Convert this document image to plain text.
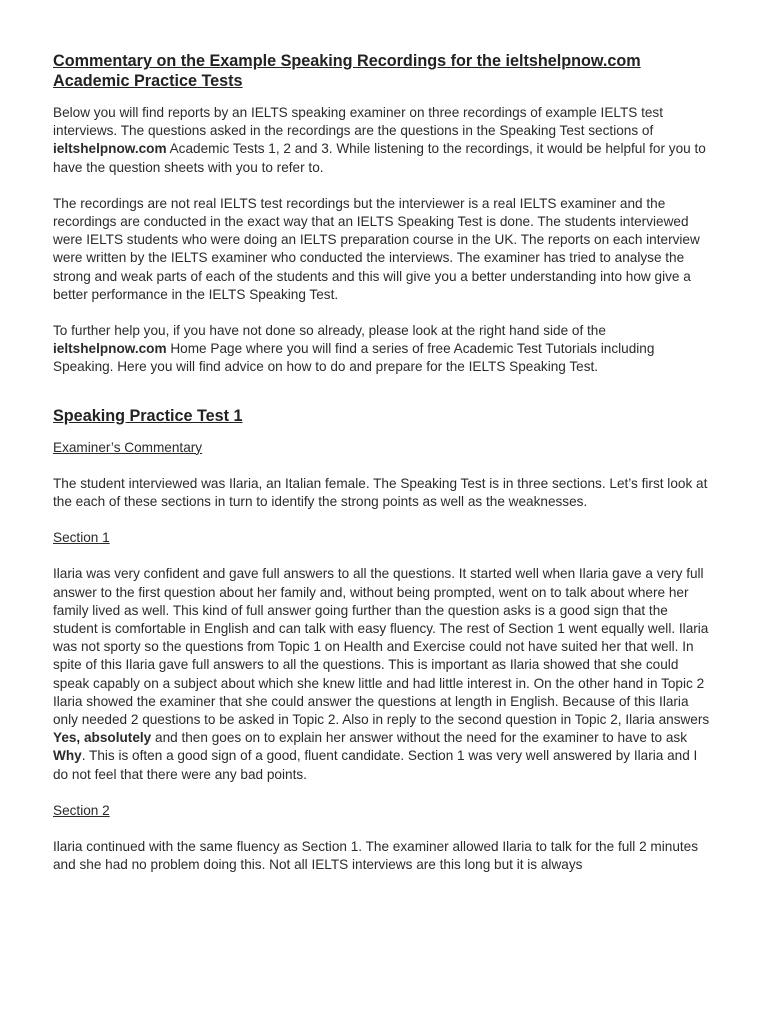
Commentary on the Example Speaking Recordings for the ieltshelpnow.com Academic Practice Tests

Below you will find reports by an IELTS speaking examiner on three recordings of example IELTS test interviews. The questions asked in the recordings are the questions in the Speaking Test sections of ieltshelpnow.com Academic Tests 1, 2 and 3. While listening to the recordings, it would be helpful for you to have the question sheets with you to refer to.

The recordings are not real IELTS test recordings but the interviewer is a real IELTS examiner and the recordings are conducted in the exact way that an IELTS Speaking Test is done. The students interviewed were IELTS students who were doing an IELTS preparation course in the UK. The reports on each interview were written by the IELTS examiner who conducted the interviews. The examiner has tried to analyse the strong and weak parts of each of the students and this will give you a better understanding into how give a better performance in the IELTS Speaking Test.

To further help you, if you have not done so already, please look at the right hand side of the ieltshelpnow.com Home Page where you will find a series of free Academic Test Tutorials including Speaking. Here you will find advice on how to do and prepare for the IELTS Speaking Test.

Speaking Practice Test 1

Examiner’s Commentary

The student interviewed was Ilaria, an Italian female. The Speaking Test is in three sections. Let’s first look at the each of these sections in turn to identify the strong points as well as the weaknesses.

Section 1

Ilaria was very confident and gave full answers to all the questions. It started well when Ilaria gave a very full answer to the first question about her family and, without being prompted, went on to talk about where her family lived as well. This kind of full answer going further than the question asks is a good sign that the student is comfortable in English and can talk with easy fluency. The rest of Section 1 went equally well. Ilaria was not sporty so the questions from Topic 1 on Health and Exercise could not have suited her that well. In spite of this Ilaria gave full answers to all the questions. This is important as Ilaria showed that she could speak capably on a subject about which she knew little and had little interest in. On the other hand in Topic 2 Ilaria showed the examiner that she could answer the questions at length in English. Because of this Ilaria only needed 2 questions to be asked in Topic 2. Also in reply to the second question in Topic 2, Ilaria answers Yes, absolutely and then goes on to explain her answer without the need for the examiner to have to ask Why. This is often a good sign of a good, fluent candidate. Section 1 was very well answered by Ilaria and I do not feel that there were any bad points.

Section 2

Ilaria continued with the same fluency as Section 1. The examiner allowed Ilaria to talk for the full 2 minutes and she had no problem doing this. Not all IELTS interviews are this long but it is always
